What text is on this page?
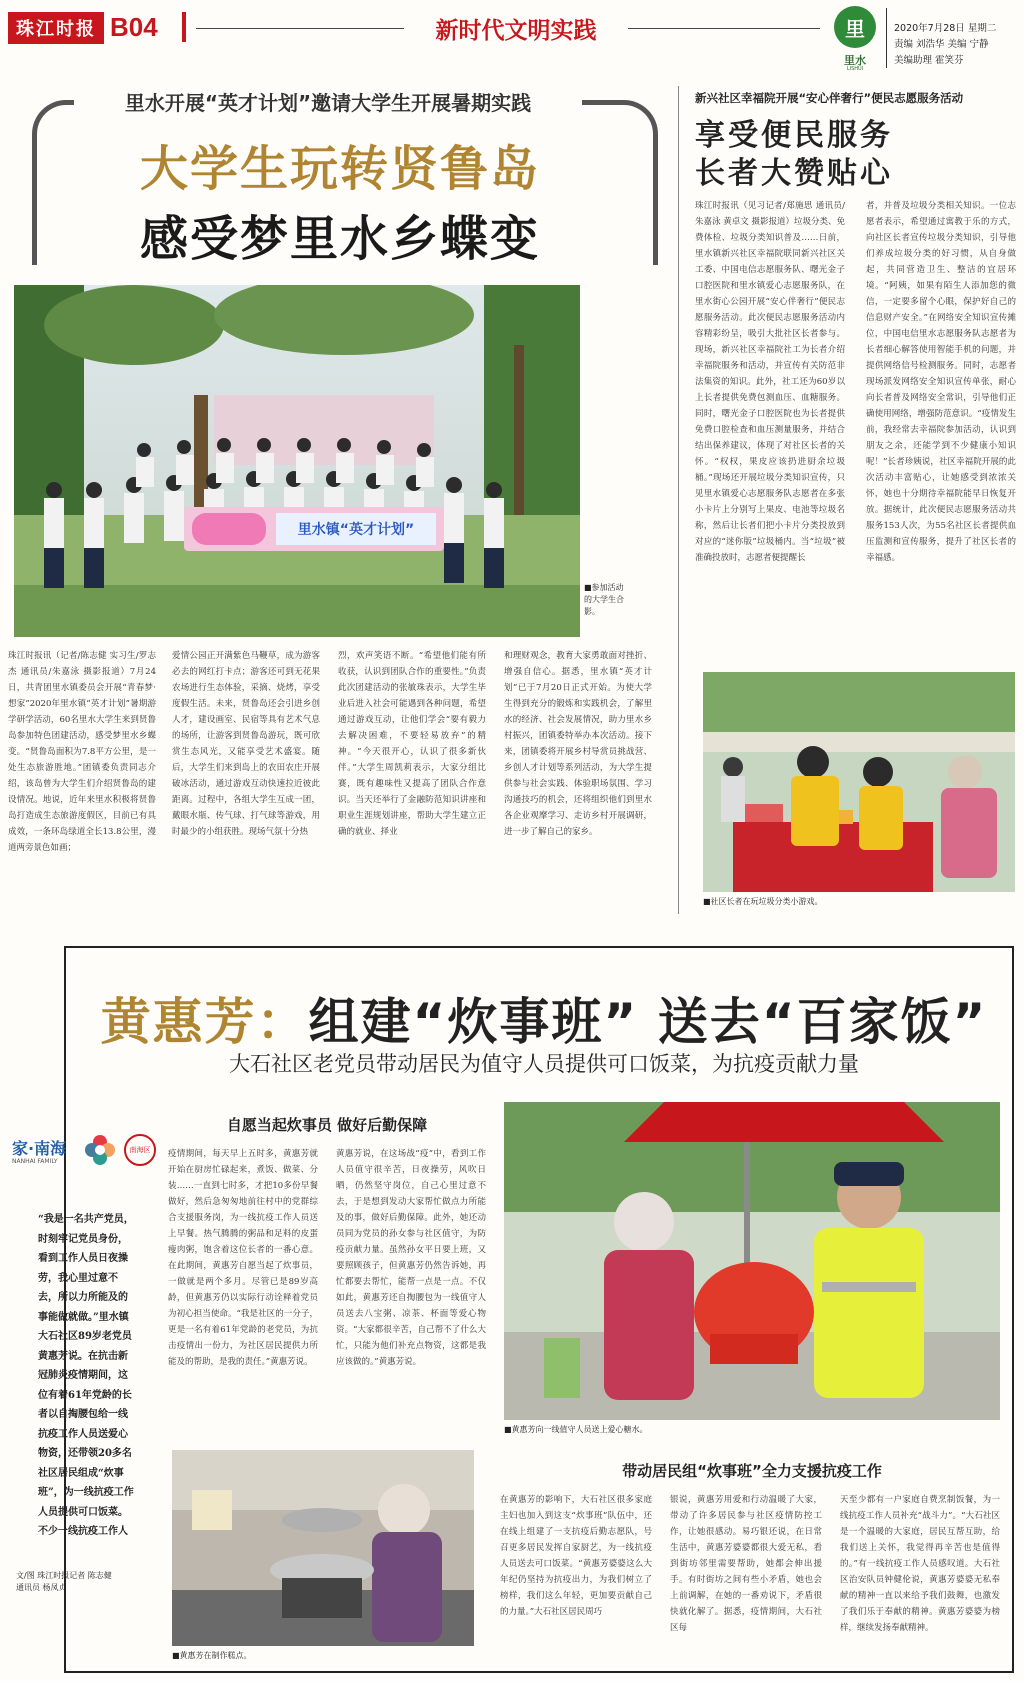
珠江时报 B04	新时代文明实践	里
里水
LISHUI
2020年7月28日 星期二
责编 刘浩华 美编 宁静
美编助理 霍笑芬
里水开展“英才计划”邀请大学生开展暑期实践
大学生玩转贤鲁岛
感受梦里水乡蝶变
里水镇“英才计划”
■参加活动的大学生合影。
珠江时报讯（记者/陈志健 实习生/罗志杰 通讯员/朱嘉泳 摄影报道）7月24日，共青团里水镇委员会开展“青春梦·想家”2020年里水镇“英才计划”暑期游学研学活动，60名里水大学生来到贤鲁岛参加特色团建活动，感受梦里水乡蝶变。“贤鲁岛面积为7.8平方公里，是一处生态旅游胜地。”团镇委负责同志介绍，该岛曾为大学生们介绍贤鲁岛的建设情况。地说，近年来里水积极将贤鲁岛打造成生态旅游度假区，目前已有具成效，一条环岛绿道全长13.8公里，漫道两旁景色如画；
爱情公园正开满紫色马鞭草，成为游客必去的网红打卡点；游客还可到无花果农场进行生态体验，采摘、烧烤，享受度假生活。未来，贤鲁岛还会引进乡创人才，建设画室、民宿等具有艺术气息的场所，让游客到贤鲁岛游玩，既可欣赏生态风光，又能享受艺术盛宴。随后，大学生们来到岛上的农田农庄开展破冰活动，通过游戏互动快速拉近彼此距离。过程中，各组大学生互成一团，戴眼水瓶、传气球、打气球等游戏，用时最少的小组获胜。现场气氛十分热
烈，欢声笑语不断。“希望他们能有所收获，认识到团队合作的重要性。”负责此次团建活动的张敏珠表示，大学生毕业后进入社会可能遇到各种问题，希望通过游戏互动，让他们学会“要有毅力去解决困难，不要轻易放弃”的精神。“今天很开心，认识了很多新伙伴。”大学生周凯莉表示，大家分组比赛，既有趣味性又提高了团队合作意识。当天还举行了金融防范知识讲座和职业生涯规划讲座，帮助大学生建立正确的就业、择业
和理财观念，教育大家勇敢面对挫折、增强自信心。据悉，里水镇“英才计划”已于7月20日正式开始。为使大学生得到充分的锻炼和实践机会，了解里水的经济、社会发展情况，助力里水乡村振兴，团镇委特举办本次活动。接下来，团镇委将开展乡村导赏员挑战营、乡创人才计划等系列活动，为大学生提供参与社会实践、体验职场氛围、学习沟通技巧的机会，还将组织他们到里水各企业观摩学习、走访乡村开展调研，进一步了解自己的家乡。
新兴社区幸福院开展“安心伴奢行”便民志愿服务活动
享受便民服务
长者大赞贴心
珠江时报讯（见习记者/郑施思 通讯员/朱嘉泳 黄卓文 摄影报道）垃圾分类、免费体检、垃圾分类知识普及……日前，里水镇新兴社区幸福院联同新兴社区关工委、中国电信志愿服务队、曙光金子口腔医院和里水镇爱心志愿服务队，在里水街心公园开展“安心伴奢行”便民志愿服务活动。此次便民志愿服务活动内容精彩纷呈，吸引大批社区长者参与。现场，新兴社区幸福院社工为长者介绍幸福院服务和活动，并宣传有关防范非法集资的知识。此外，社工还为60岁以上长者提供免费包测血压、血糖服务。同时，曙光金子口腔医院也为长者提供免费口腔检查和血压测量服务，并结合结出保养建议，体现了对社区长者的关怀。“权权，果皮应该扔进厨余垃圾桶。”现场还开展垃圾分类知识宣传，只见里水镇爱心志愿服务队志愿者在多张小卡片上分别写上果皮、电池等垃圾名称，然后让长者们把小卡片分类投放到对应的“迷你版”垃圾桶内。当“垃圾”被准确投放时，志愿者便提醒长
者，并普及垃圾分类相关知识。一位志愿者表示，希望通过寓教于乐的方式，向社区长者宣传垃圾分类知识，引导他们养成垃圾分类的好习惯，从自身做起，共同营造卫生、整洁的宜居环境。“阿姨，如果有陌生人添加您的微信，一定要多留个心眼，保护好自己的信息财产安全。”在网络安全知识宣传摊位，中国电信里水志愿服务队志愿者为长者细心解答使用智能手机的问题，并提供网络信号检测服务。同时，志愿者现场派发网络安全知识宣传单张，耐心向长者普及网络安全常识，引导他们正确使用网络，增强防范意识。“疫情发生前，我经常去幸福院参加活动，认识到朋友之余，还能学到不少健康小知识呢！”长者珍姨说，社区幸福院开展的此次活动丰富贴心，让她感受到浓浓关怀，她也十分期待幸福院能早日恢复开放。据统计，此次便民志愿服务活动共服务153人次，为55名社区长者提供血压监测和宣传服务，提升了社区长者的幸福感。
■社区长者在玩垃圾分类小游戏。
黄惠芳：组建“炊事班” 送去“百家饭”
大石社区老党员带动居民为值守人员提供可口饭菜，为抗疫贡献力量
家·南海
NANHAI FAMILY
南海区
“我是一名共产党员，时刻牢记党员身份，看到工作人员日夜操劳，我心里过意不去，所以力所能及的事能做就做。”里水镇大石社区89岁老党员黄惠芳说。在抗击新冠肺炎疫情期间，这位有着61年党龄的长者以自掏腰包给一线抗疫工作人员送爱心物资，还带领20多名社区居民组成“炊事班”，为一线抗疫工作人员提供可口饭菜。不少一线抗疫工作人
文/图 珠江时报记者 陈志健
通讯员 杨凤贞
自愿当起炊事员 做好后勤保障
疫情期间，每天早上五时多，黄惠芳就开始在厨房忙碌起来，煮饭、做菜、分装……一直到七时多，才把10多份早餐做好，然后急匆匆地前往村中的党群综合支援服务岗，为一线抗疫工作人员送上早餐。热气腾腾的粥品和足料的皮蛋瘦肉粥，饱含着这位长者的一番心意。在此期间，黄惠芳自愿当起了炊事员，一做就是两个多月。尽管已是89岁高龄，但黄惠芳仍以实际行动诠释着党员为初心担当使命。“我是社区的一分子，更是一名有着61年党龄的老党员，为抗击疫情出一份力，为社区居民提供力所能及的帮助，是我的责任。”黄惠芳说。
黄惠芳说，在这场战“疫”中，看到工作人员值守很辛苦，日夜操劳，风吹日晒，仍然坚守岗位，自己心里过意不去，于是想到发动大家帮忙做点力所能及的事，做好后勤保障。此外，她还动员同为党员的孙女参与社区值守，为防疫贡献力量。虽然孙女平日要上班，又要照顾孩子，但黄惠芳仍然告诉她，再忙都要去帮忙，能帮一点是一点。不仅如此，黄惠芳还自掏腰包为一线值守人员送去八宝粥、凉茶、杯面等爱心物资。“大家都很辛苦，自己帮不了什么大忙，只能为他们补充点物资，这都是我应该做的。”黄惠芳说。
■黄惠芳向一线值守人员送上爱心糖水。
带动居民组“炊事班”全力支援抗疫工作
■黄惠芳在制作糕点。
在黄惠芳的影响下，大石社区很多家庭主妇也加入到这支“炊事班”队伍中，还在线上组建了一支抗疫后勤志愿队，号召更多居民发挥自家厨艺，为一线抗疫人员送去可口饭菜。“黄惠芳婆婆这么大年纪仍坚持为抗疫出力，为我们树立了榜样，我们这么年轻，更加要贡献自己的力量。”大石社区居民周巧
银说，黄惠芳用爱和行动温暖了大家，带动了许多居民参与社区疫情防控工作，让她很感动。易巧银还说，在日常生活中，黄惠芳婆婆都很大爱无私，看到街坊邻里需要帮助，她都会伸出援手。有时街坊之间有些小矛盾，她也会上前调解，在她的一番劝说下，矛盾很快就化解了。据悉，疫情期间，大石社区每
天至少都有一户家庭自费烹制饭餐，为一线抗疫工作人员补充“战斗力”。“大石社区是一个温暖的大家庭，居民互帮互助，给我们送上关怀，我觉得再辛苦也是值得的。”有一线抗疫工作人员感叹道。大石社区治安队员钟健伦说，黄惠芳婆婆无私奉献的精神一直以来给予我们鼓舞，也激发了我们乐于奉献的精神。黄惠芳婆婆为榜样，继续发扬奉献精神。
